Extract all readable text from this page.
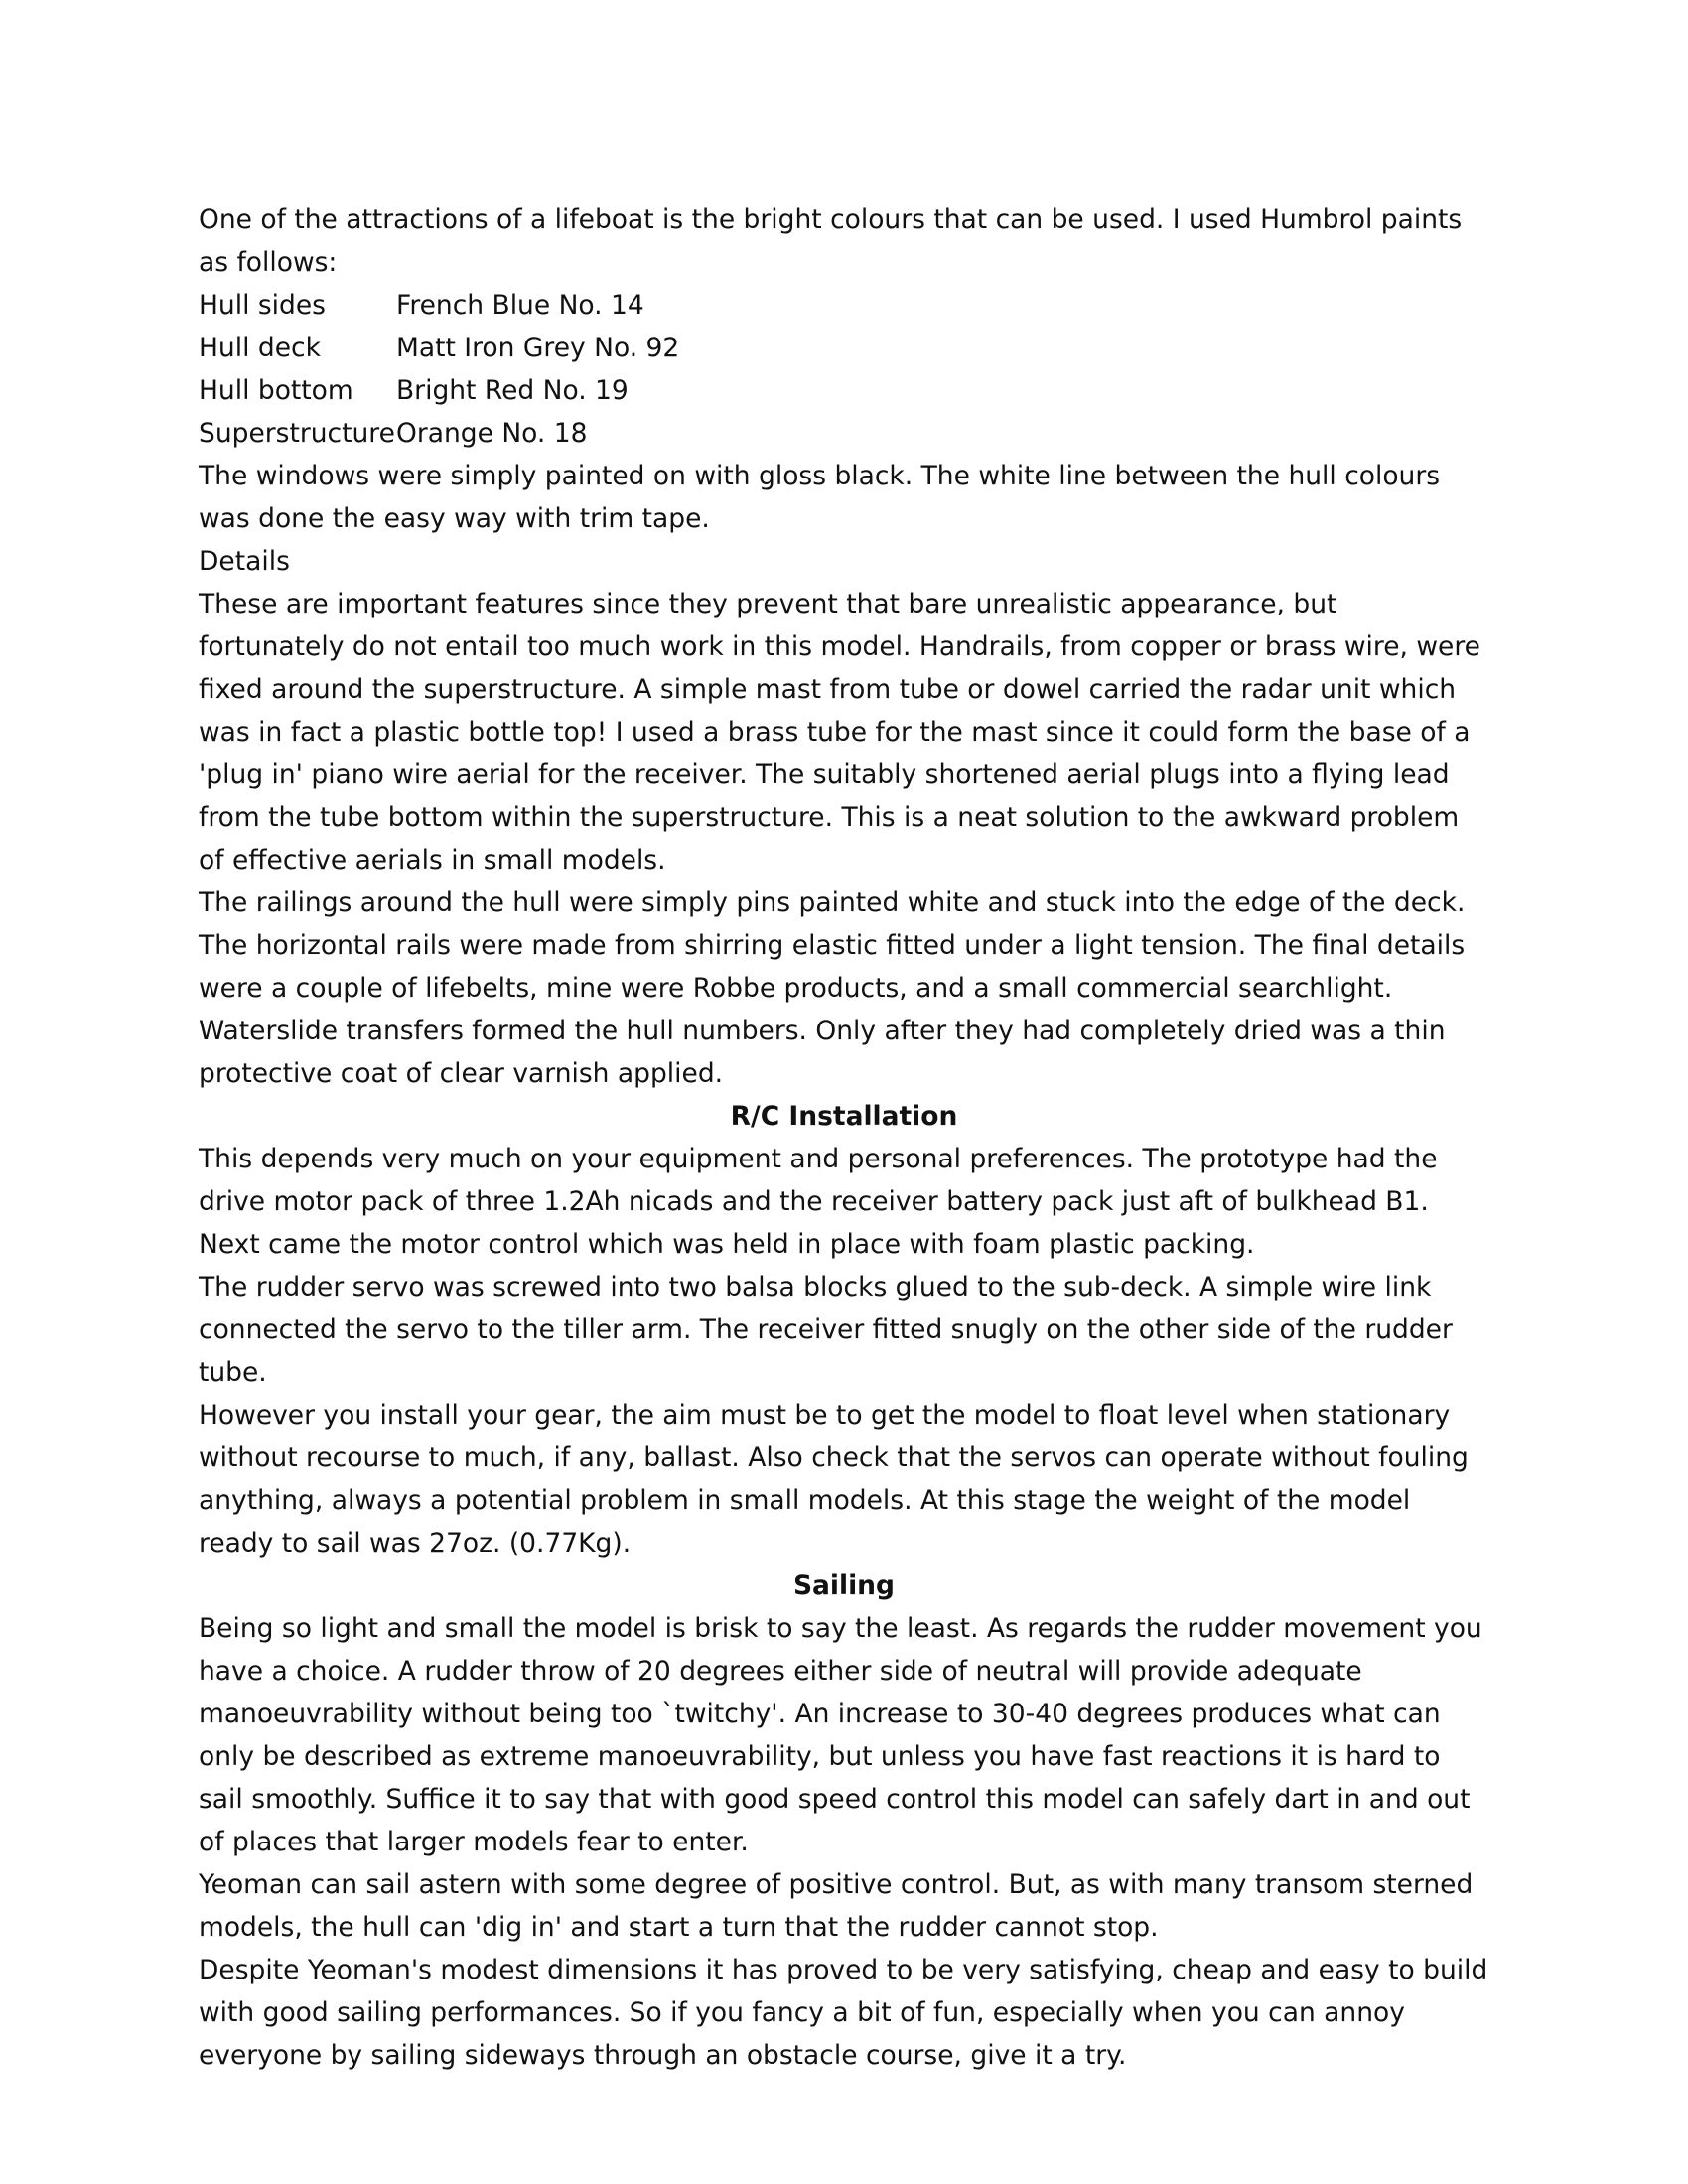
One of the attractions of a lifeboat is the bright colours that can be used. I used Humbrol paints as follows:

Hull sides	French Blue No. 14
Hull deck	Matt Iron Grey No. 92
Hull bottom	Bright Red No. 19
Superstructure Orange No. 18

The windows were simply painted on with gloss black. The white line between the hull colours was done the easy way with trim tape.

Details

These are important features since they prevent that bare unrealistic appearance, but fortunately do not entail too much work in this model. Handrails, from copper or brass wire, were fixed around the superstructure. A simple mast from tube or dowel carried the radar unit which was in fact a plastic bottle top! I used a brass tube for the mast since it could form the base of a 'plug in' piano wire aerial for the receiver. The suitably shortened aerial plugs into a flying lead from the tube bottom within the superstructure. This is a neat solution to the awkward problem of effective aerials in small models.

The railings around the hull were simply pins painted white and stuck into the edge of the deck. The horizontal rails were made from shirring elastic fitted under a light tension. The final details were a couple of lifebelts, mine were Robbe products, and a small commercial searchlight.

Waterslide transfers formed the hull numbers. Only after they had completely dried was a thin protective coat of clear varnish applied.

R/C Installation

This depends very much on your equipment and personal preferences. The prototype had the drive motor pack of three 1.2Ah nicads and the receiver battery pack just aft of bulkhead B1. Next came the motor control which was held in place with foam plastic packing.

The rudder servo was screwed into two balsa blocks glued to the sub-deck. A simple wire link connected the servo to the tiller arm. The receiver fitted snugly on the other side of the rudder tube.

However you install your gear, the aim must be to get the model to float level when stationary without recourse to much, if any, ballast. Also check that the servos can operate without fouling anything, always a potential problem in small models. At this stage the weight of the model ready to sail was 27oz. (0.77Kg).

Sailing

Being so light and small the model is brisk to say the least. As regards the rudder movement you have a choice. A rudder throw of 20 degrees either side of neutral will provide adequate manoeuvrability without being too `twitchy'. An increase to 30-40 degrees produces what can only be described as extreme manoeuvrability, but unless you have fast reactions it is hard to sail smoothly. Suffice it to say that with good speed control this model can safely dart in and out of places that larger models fear to enter.

Yeoman can sail astern with some degree of positive control. But, as with many transom sterned models, the hull can 'dig in' and start a turn that the rudder cannot stop.

Despite Yeoman's modest dimensions it has proved to be very satisfying, cheap and easy to build with good sailing performances. So if you fancy a bit of fun, especially when you can annoy everyone by sailing sideways through an obstacle course, give it a try.
